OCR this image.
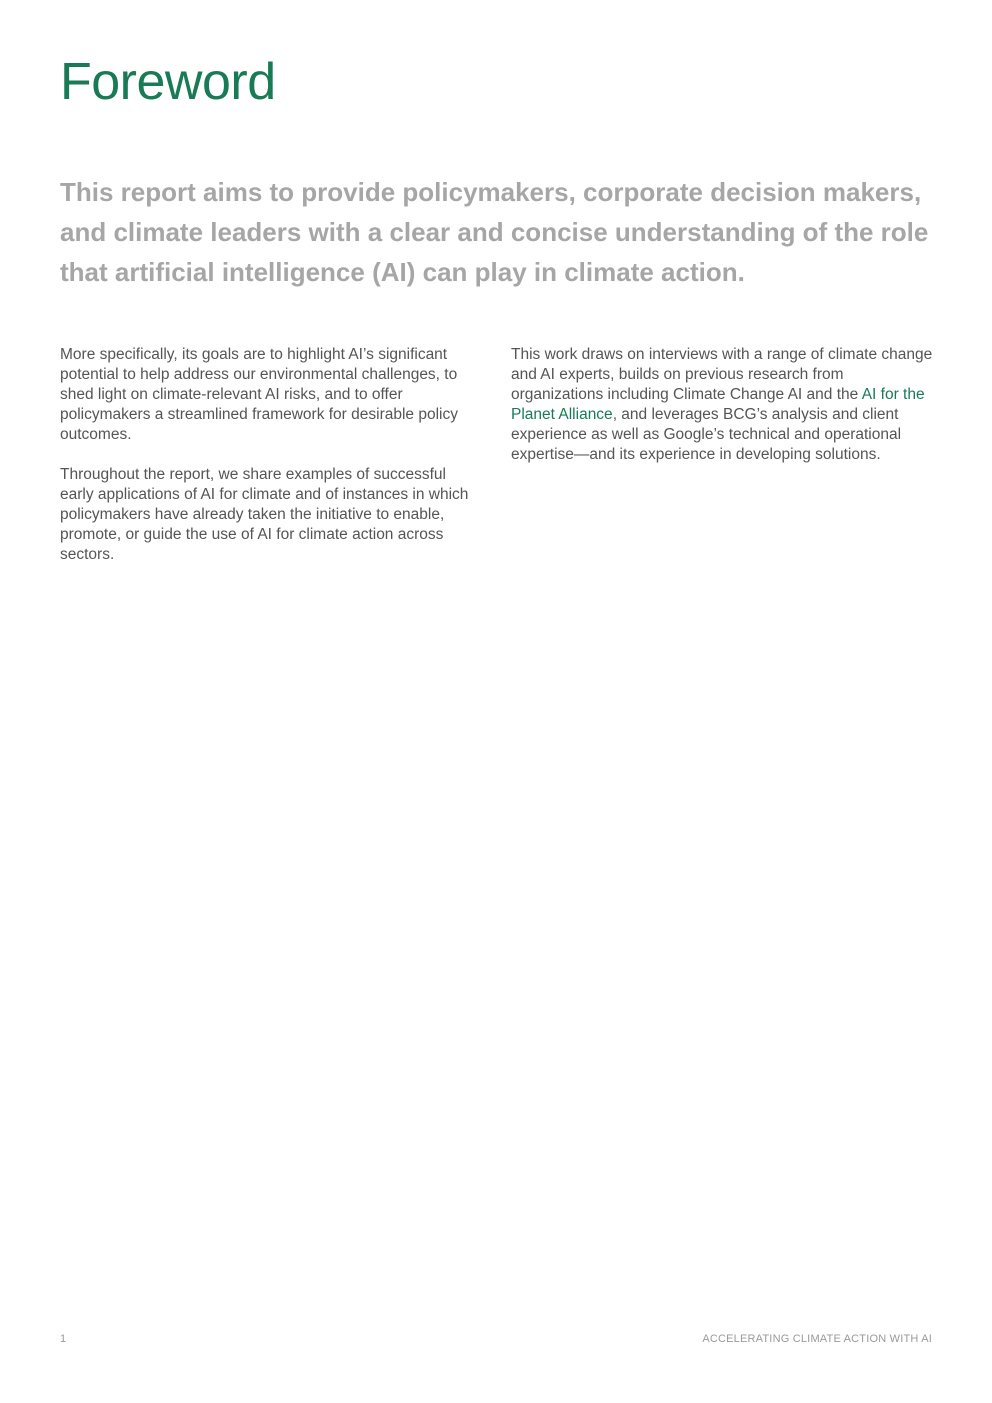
Foreword

This report aims to provide policymakers, corporate decision makers, and climate leaders with a clear and concise understanding of the role that artificial intelligence (AI) can play in climate action.

More specifically, its goals are to highlight AI’s significant potential to help address our environmental challenges, to shed light on climate-relevant AI risks, and to offer policymakers a streamlined framework for desirable policy outcomes.

Throughout the report, we share examples of successful early applications of AI for climate and of instances in which policymakers have already taken the initiative to enable, promote, or guide the use of AI for climate action across sectors.

This work draws on interviews with a range of climate change and AI experts, builds on previous research from organizations including Climate Change AI and the AI for the Planet Alliance, and leverages BCG’s analysis and client experience as well as Google’s technical and operational expertise—and its experience in developing solutions.

1	ACCELERATING CLIMATE ACTION WITH AI
